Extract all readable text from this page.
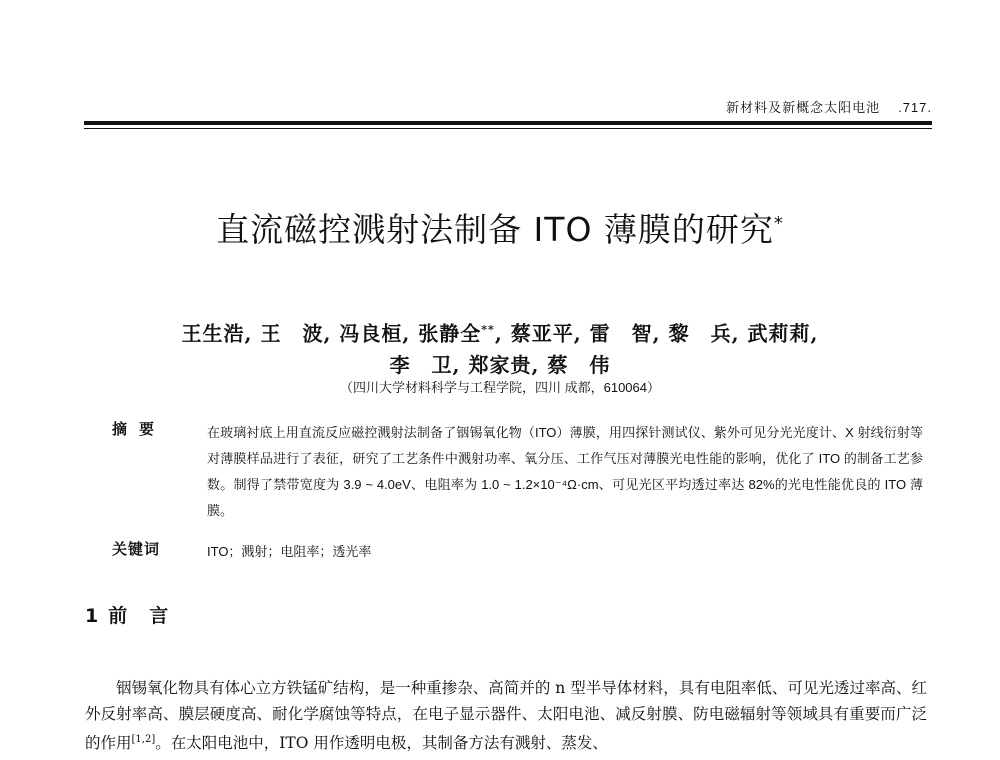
新材料及新概念太阳电池 .717.
直流磁控溅射法制备 ITO 薄膜的研究*
王生浩, 王　波, 冯良桓, 张静全**, 蔡亚平, 雷　智, 黎　兵, 武莉莉,
李　卫, 郑家贵, 蔡　伟
（四川大学材料科学与工程学院，四川 成都，610064）
摘要	在玻璃衬底上用直流反应磁控溅射法制备了铟锡氧化物（ITO）薄膜，用四探针测试仪、紫外可见分光光度计、X 射线衍射等对薄膜样品进行了表征，研究了工艺条件中溅射功率、氧分压、工作气压对薄膜光电性能的影响，优化了 ITO 的制备工艺参数。制得了禁带宽度为 3.9 ~ 4.0eV、电阻率为 1.0 ~ 1.2×10⁻⁴Ω·cm、可见光区平均透过率达 82%的光电性能优良的 ITO 薄膜。
关键词	ITO；溅射；电阻率；透光率
1 前言

铟锡氧化物具有体心立方铁锰矿结构，是一种重掺杂、高简并的 n 型半导体材料，具有电阻率低、可见光透过率高、红外反射率高、膜层硬度高、耐化学腐蚀等特点，在电子显示器件、太阳电池、减反射膜、防电磁辐射等领域具有重要而广泛的作用[1,2]。在太阳电池中，ITO 用作透明电极，其制备方法有溅射、蒸发、
